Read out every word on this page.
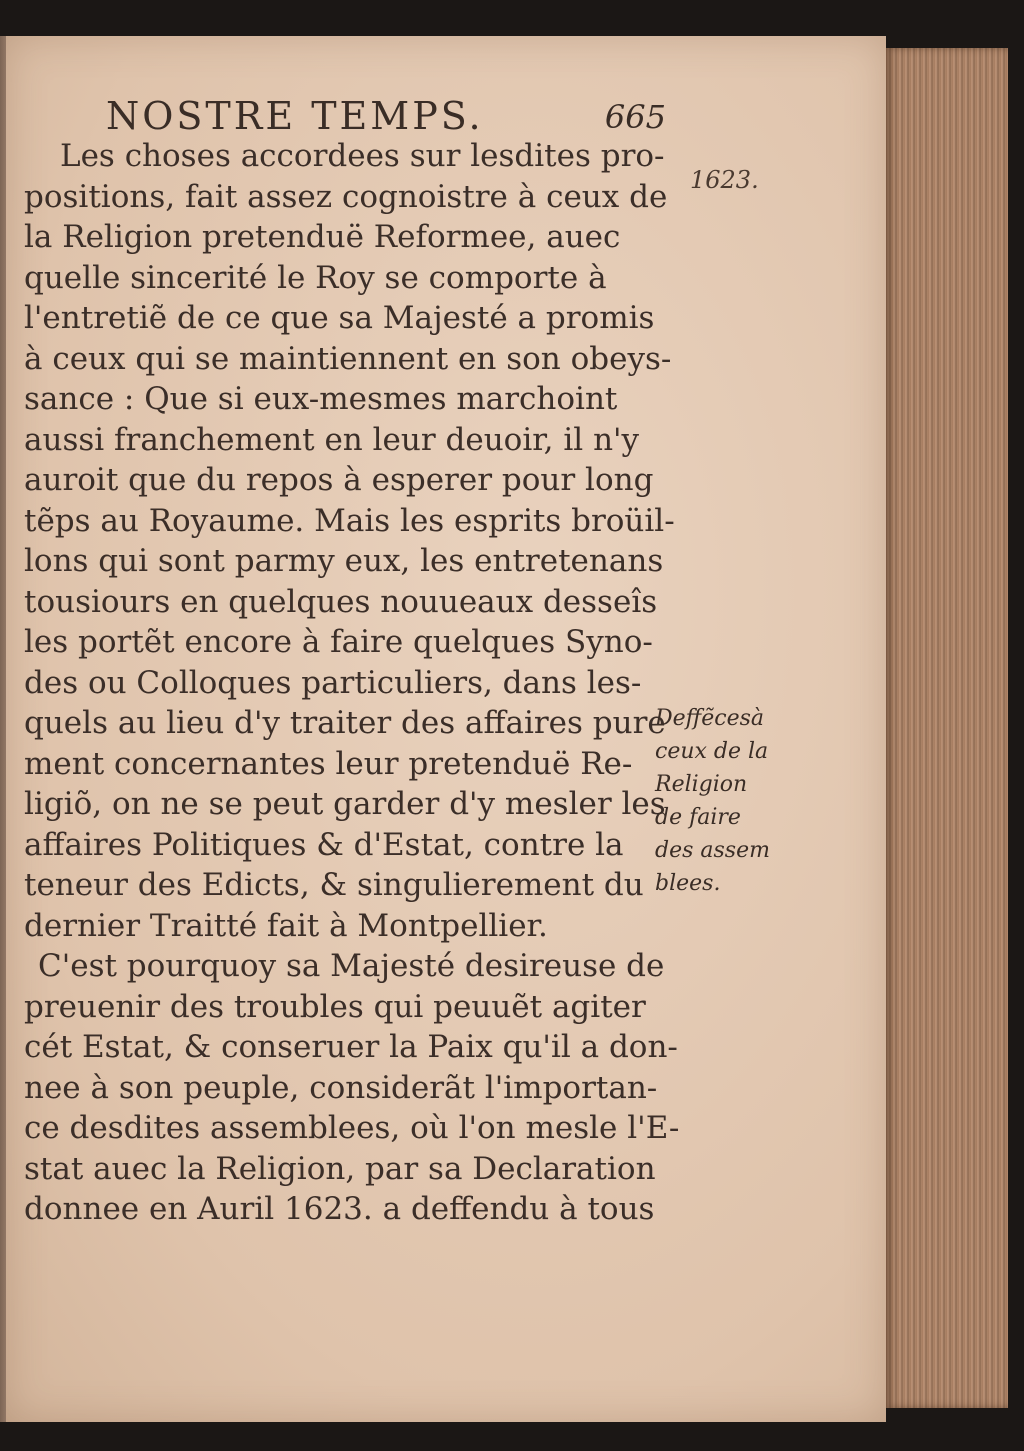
NOSTRE TEMPS.	665
1623.
Les choses accordees sur lesdites pro-
positions, fait assez cognoistre à ceux de
la Religion pretenduë Reformee, auec
quelle sincerité le Roy se comporte à
l'entretiẽ de ce que sa Majesté a promis
à ceux qui se maintiennent en son obeys-
sance : Que si eux-mesmes marchoint
aussi franchement en leur deuoir, il n'y
auroit que du repos à esperer pour long
tẽps au Royaume. Mais les esprits broüil-
lons qui sont parmy eux, les entretenans
tousiours en quelques nouueaux desseîs
les portẽt encore à faire quelques Syno-
des ou Colloques particuliers, dans les-
quels au lieu d'y traiter des affaires pure
ment concernantes leur pretenduë Re-
ligiõ, on ne se peut garder d'y mesler les
affaires Politiques & d'Estat, contre la
teneur des Edicts, & singulierement du
dernier Traitté fait à Montpellier.
C'est pourquoy sa Majesté desireuse de
preuenir des troubles qui peuuẽt agiter
cét Estat, & conseruer la Paix qu'il a don-
nee à son peuple, considerãt l'importan-
ce desdites assemblees, où l'on mesle l'E-
stat auec la Religion, par sa Declaration
donnee en Auril 1623. a deffendu à tous
Deffẽcesà
ceux de la
Religion
de faire
des assem
blees.
